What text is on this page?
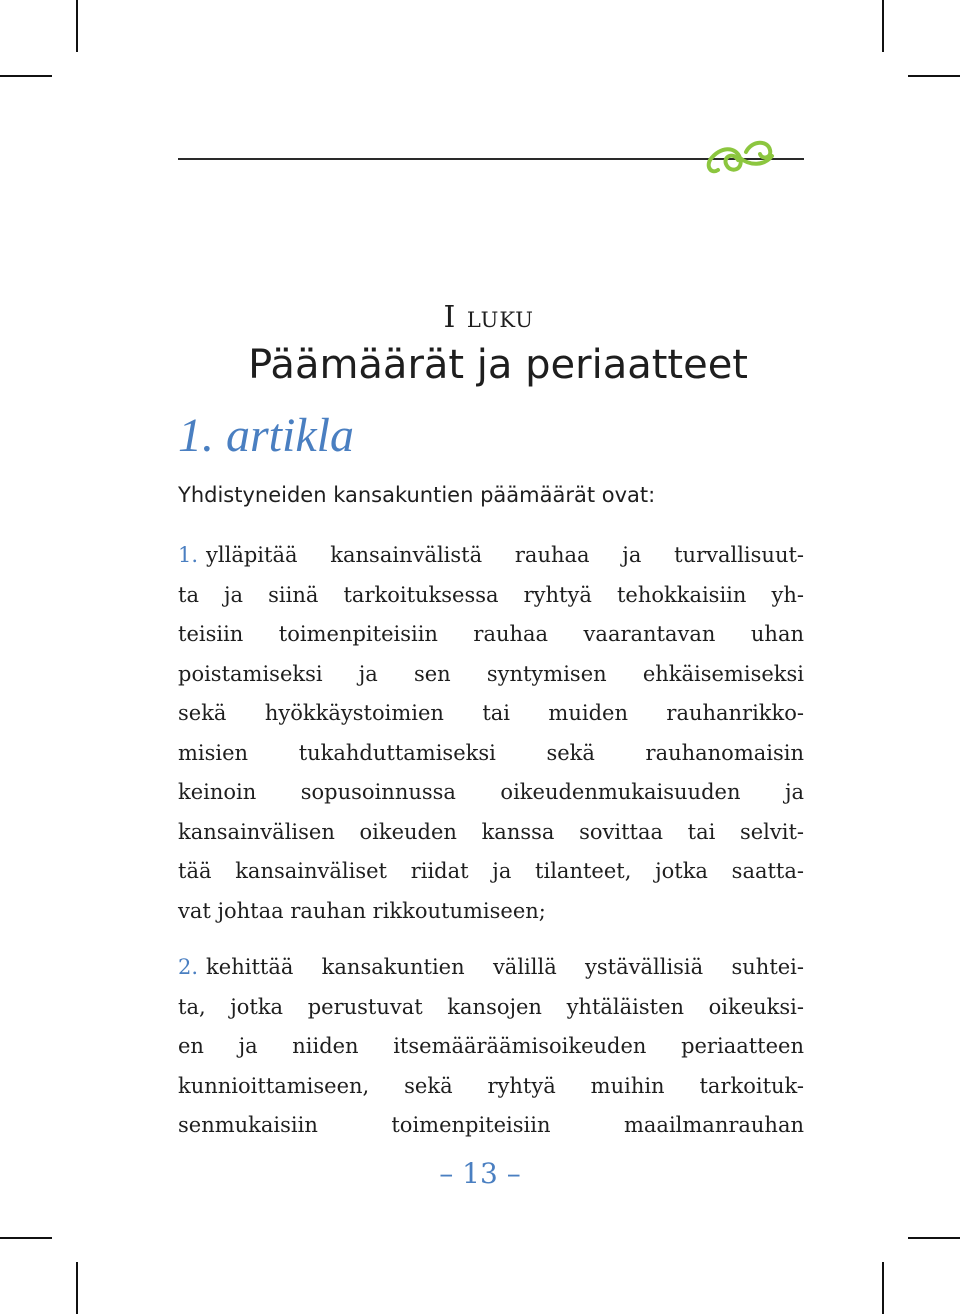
I luku
Päämäärät ja periaatteet
1. artikla
Yhdistyneiden kansakuntien päämäärät ovat:
1. ylläpitää kansainvälistä rauhaa ja turvallisuut-
ta ja siinä tarkoituksessa ryhtyä tehokkaisiin yh-
teisiin toimenpiteisiin rauhaa vaarantavan uhan
poistamiseksi ja sen syntymisen ehkäisemiseksi
sekä hyökkäystoimien tai muiden rauhanrikko-
misien tukahduttamiseksi sekä rauhanomaisin
keinoin sopusoinnussa oikeudenmukaisuuden ja
kansainvälisen oikeuden kanssa sovittaa tai selvit-
tää kansainväliset riidat ja tilanteet, jotka saatta-
vat johtaa rauhan rikkoutumiseen;
2. kehittää kansakuntien välillä ystävällisiä suhtei-
ta, jotka perustuvat kansojen yhtäläisten oikeuksi-
en ja niiden itsemääräämisoikeuden periaatteen
kunnioittamiseen, sekä ryhtyä muihin tarkoituk-
senmukaisiin toimenpiteisiin maailmanrauhan
– 13 –
